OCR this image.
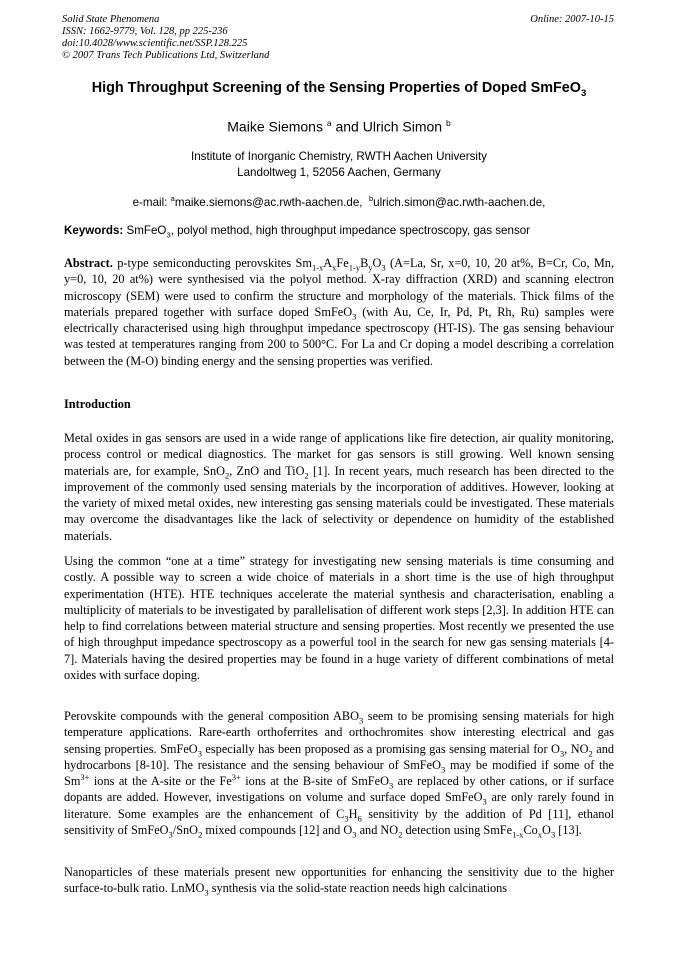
Solid State Phenomena
ISSN: 1662-9779, Vol. 128, pp 225-236
doi:10.4028/www.scientific.net/SSP.128.225
© 2007 Trans Tech Publications Ltd, Switzerland
Online: 2007-10-15
High Throughput Screening of the Sensing Properties of Doped SmFeO$_3$
Maike Siemons $^a$ and Ulrich Simon $^b$
Institute of Inorganic Chemistry, RWTH Aachen University
Landoltweg 1, 52056 Aachen, Germany
e-mail: $^a$maike.siemons@ac.rwth-aachen.de, $^b$ulrich.simon@ac.rwth-aachen.de,
Keywords: SmFeO$_3$, polyol method, high throughput impedance spectroscopy, gas sensor
Abstract. p-type semiconducting perovskites $Sm_{1-x}A_xFe_{1-y}B_yO_3$ (A=La, Sr, x=0, 10, 20 at%, B=Cr, Co, Mn, y=0, 10, 20 at%) were synthesised via the polyol method. X-ray diffraction (XRD) and scanning electron microscopy (SEM) were used to confirm the structure and morphology of the materials. Thick films of the materials prepared together with surface doped SmFeO$_3$ (with Au, Ce, Ir, Pd, Pt, Rh, Ru) samples were electrically characterised using high throughput impedance spectroscopy (HT-IS). The gas sensing behaviour was tested at temperatures ranging from 200 to 500°C. For La and Cr doping a model describing a correlation between the (M-O) binding energy and the sensing properties was verified.
Introduction
Metal oxides in gas sensors are used in a wide range of applications like fire detection, air quality monitoring, process control or medical diagnostics. The market for gas sensors is still growing. Well known sensing materials are, for example, SnO$_2$, ZnO and TiO$_2$ [1]. In recent years, much research has been directed to the improvement of the commonly used sensing materials by the incorporation of additives. However, looking at the variety of mixed metal oxides, new interesting gas sensing materials could be investigated. These materials may overcome the disadvantages like the lack of selectivity or dependence on humidity of the established materials.
Using the common “one at a time” strategy for investigating new sensing materials is time consuming and costly. A possible way to screen a wide choice of materials in a short time is the use of high throughput experimentation (HTE). HTE techniques accelerate the material synthesis and characterisation, enabling a multiplicity of materials to be investigated by parallelisation of different work steps [2,3]. In addition HTE can help to find correlations between material structure and sensing properties. Most recently we presented the use of high throughput impedance spectroscopy as a powerful tool in the search for new gas sensing materials [4-7]. Materials having the desired properties may be found in a huge variety of different combinations of metal oxides with surface doping.
Perovskite compounds with the general composition $ABO_3$ seem to be promising sensing materials for high temperature applications. Rare-earth orthoferrites and orthochromites show interesting electrical and gas sensing properties. SmFeO$_3$ especially has been proposed as a promising gas sensing material for $O_3$, $NO_2$ and hydrocarbons [8-10]. The resistance and the sensing behaviour of SmFeO$_3$ may be modified if some of the $Sm^{3+}$ ions at the A-site or the $Fe^{3+}$ ions at the B-site of SmFeO$_3$ are replaced by other cations, or if surface dopants are added. However, investigations on volume and surface doped SmFeO$_3$ are only rarely found in literature. Some examples are the enhancement of $C_3H_6$ sensitivity by the addition of Pd [11], ethanol sensitivity of SmFeO$_3$/SnO$_2$ mixed compounds [12] and $O_3$ and $NO_2$ detection using $SmFe_{1-x}Co_xO_3$ [13].
Nanoparticles of these materials present new opportunities for enhancing the sensitivity due to the higher surface-to-bulk ratio. LnMO$_3$ synthesis via the solid-state reaction needs high calcinations
